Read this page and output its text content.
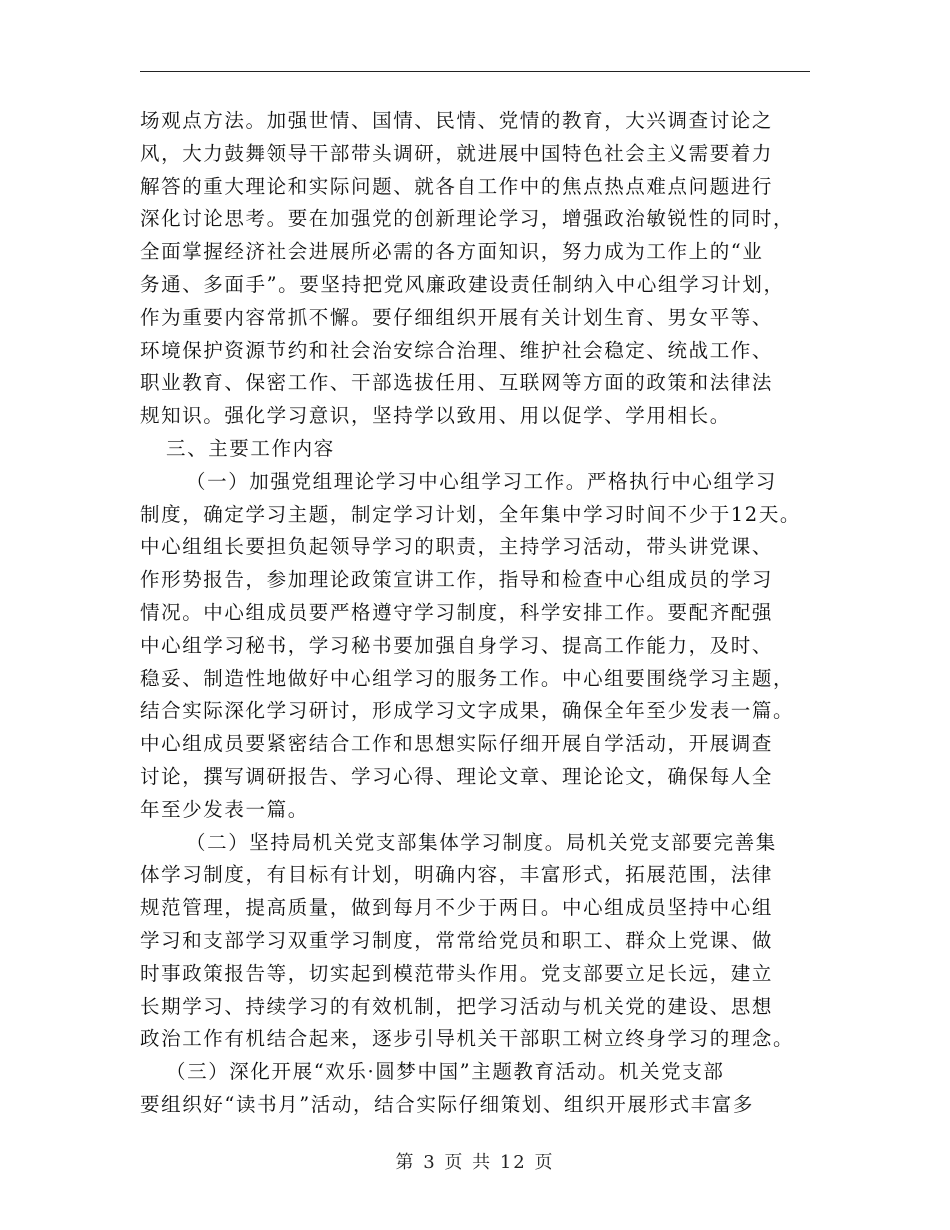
场观点方法。加强世情、国情、民情、党情的教育，大兴调查讨论之
风，大力鼓舞领导干部带头调研，就进展中国特色社会主义需要着力
解答的重大理论和实际问题、就各自工作中的焦点热点难点问题进行
深化讨论思考。要在加强党的创新理论学习，增强政治敏锐性的同时，
全面掌握经济社会进展所必需的各方面知识，努力成为工作上的“业
务通、多面手”。要坚持把党风廉政建设责任制纳入中心组学习计划，
作为重要内容常抓不懈。要仔细组织开展有关计划生育、男女平等、
环境保护资源节约和社会治安综合治理、维护社会稳定、统战工作、
职业教育、保密工作、干部选拔任用、互联网等方面的政策和法律法
规知识。强化学习意识，坚持学以致用、用以促学、学用相长。
三、主要工作内容
（一）加强党组理论学习中心组学习工作。严格执行中心组学习
制度，确定学习主题，制定学习计划，全年集中学习时间不少于12天。
中心组组长要担负起领导学习的职责，主持学习活动，带头讲党课、
作形势报告，参加理论政策宣讲工作，指导和检查中心组成员的学习
情况。中心组成员要严格遵守学习制度，科学安排工作。要配齐配强
中心组学习秘书，学习秘书要加强自身学习、提高工作能力，及时、
稳妥、制造性地做好中心组学习的服务工作。中心组要围绕学习主题，
结合实际深化学习研讨，形成学习文字成果，确保全年至少发表一篇。
中心组成员要紧密结合工作和思想实际仔细开展自学活动，开展调查
讨论，撰写调研报告、学习心得、理论文章、理论论文，确保每人全
年至少发表一篇。
（二）坚持局机关党支部集体学习制度。局机关党支部要完善集
体学习制度，有目标有计划，明确内容，丰富形式，拓展范围，法律
规范管理，提高质量，做到每月不少于两日。中心组成员坚持中心组
学习和支部学习双重学习制度，常常给党员和职工、群众上党课、做
时事政策报告等，切实起到模范带头作用。党支部要立足长远，建立
长期学习、持续学习的有效机制，把学习活动与机关党的建设、思想
政治工作有机结合起来，逐步引导机关干部职工树立终身学习的理念。
（三）深化开展“欢乐·圆梦中国”主题教育活动。机关党支部
要组织好“读书月”活动，结合实际仔细策划、组织开展形式丰富多
第 3 页 共 12 页
